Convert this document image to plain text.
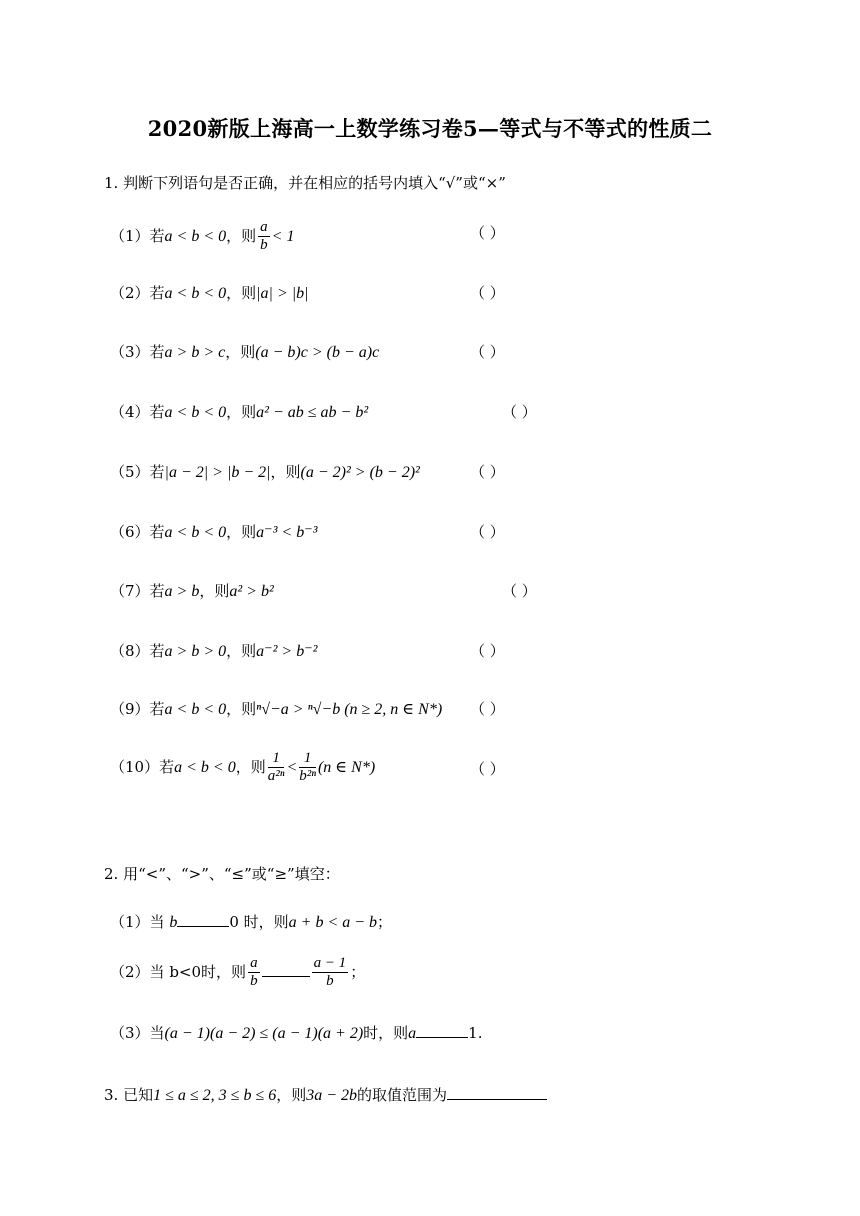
2020新版上海高一上数学练习卷5—等式与不等式的性质二
1. 判断下列语句是否正确，并在相应的括号内填入“√”或“×”
（1）若a < b < 0，则 $\frac{a}{b} < 1$	（ ）
（2）若a < b < 0，则|a| > |b|	（ ）
（3）若a > b > c，则(a − b)c > (b − a)c	（ ）
（4）若a < b < 0，则a² − ab ≤ ab − b²	（ ）
（5）若|a − 2| > |b − 2|，则(a − 2)² > (b − 2)²	（ ）
（6）若a < b < 0，则a⁻³ < b⁻³	（ ）
（7）若a > b，则a² > b²	（ ）
（8）若a > b > 0，则a⁻² > b⁻²	（ ）
（9）若a < b < 0，则ⁿ√−a > ⁿ√−b (n ≥ 2, n ∈ N*) （ ）
（10）若a < b < 0，则 $\frac{1}{\text{a²ⁿ}} < \frac{1}{\text{b²ⁿ}} (n$ ∈ N*)	（ ）
2. 用“<”、“>”、“≤”或“≥”填空：
（1）当 b	0 时，则a + b < a − b；
（2）当 b<0时，则 $\frac{a}{b}$	$\frac{a - 1}{b}$ ；
（3）当(a − 1)(a − 2) ≤ (a − 1)(a + 2)时，则a	1.
3. 已知1 ≤ a ≤ 2, 3 ≤ b ≤ 6，则3a − 2b的取值范围为
